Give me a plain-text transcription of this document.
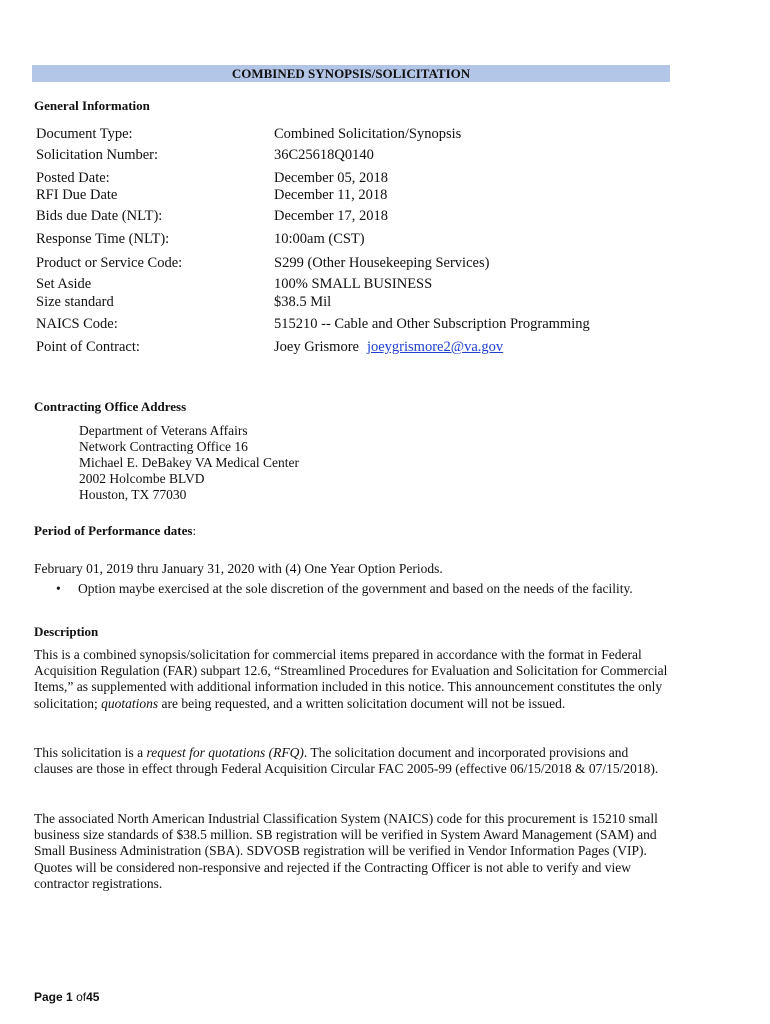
COMBINED SYNOPSIS/SOLICITATION
General Information
Document Type:	Combined Solicitation/Synopsis
Solicitation Number:	36C25618Q0140
Posted Date:	December 05, 2018
RFI Due Date	December 11, 2018
Bids due Date (NLT):	December 17, 2018
Response Time (NLT):	10:00am (CST)
Product or Service Code:	S299 (Other Housekeeping Services)
Set Aside	100% SMALL BUSINESS
Size standard	$38.5 Mil
NAICS Code:	515210 -- Cable and Other Subscription Programming
Point of Contract:	Joey Grismore joeygrismore2@va.gov
Contracting Office Address
Department of Veterans Affairs
Network Contracting Office 16
Michael E. DeBakey VA Medical Center
2002 Holcombe BLVD
Houston, TX 77030
Period of Performance dates:
February 01, 2019 thru January 31, 2020 with (4) One Year Option Periods.
• Option maybe exercised at the sole discretion of the government and based on the needs of the facility.
Description
This is a combined synopsis/solicitation for commercial items prepared in accordance with the format in Federal Acquisition Regulation (FAR) subpart 12.6, “Streamlined Procedures for Evaluation and Solicitation for Commercial Items,” as supplemented with additional information included in this notice. This announcement constitutes the only solicitation; quotations are being requested, and a written solicitation document will not be issued.
This solicitation is a request for quotations (RFQ). The solicitation document and incorporated provisions and clauses are those in effect through Federal Acquisition Circular FAC 2005-99 (effective 06/15/2018 & 07/15/2018).
The associated North American Industrial Classification System (NAICS) code for this procurement is 15210 small business size standards of $38.5 million. SB registration will be verified in System Award Management (SAM) and Small Business Administration (SBA). SDVOSB registration will be verified in Vendor Information Pages (VIP). Quotes will be considered non-responsive and rejected if the Contracting Officer is not able to verify and view contractor registrations.
Page 1 of45
